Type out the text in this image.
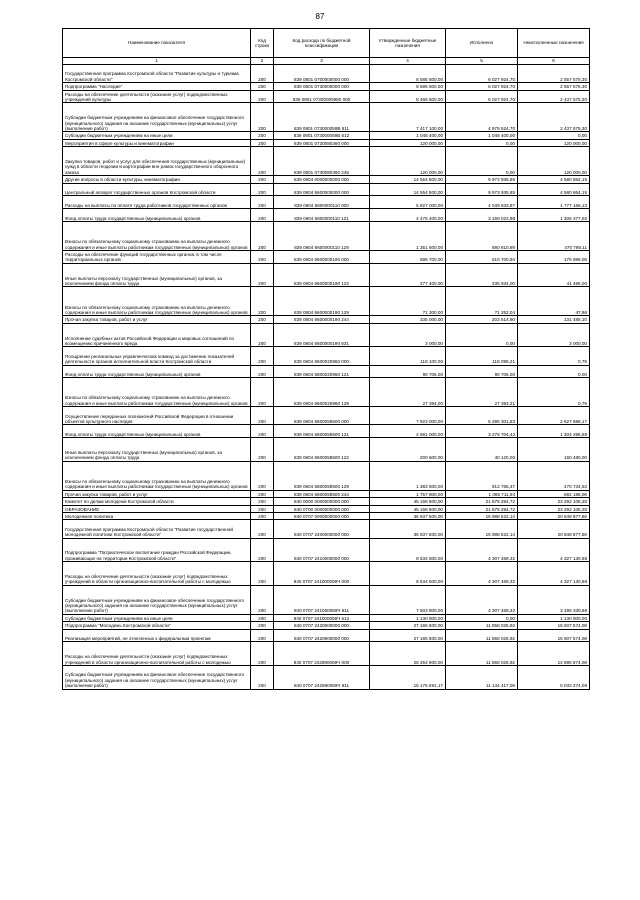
87
Наименование показателя	Код строки	Код расхода по бюджетной классификации	Утвержденные бюджетные назначения	Исполнено	Неисполненные назначения
1	2	3	4	5	6
Государственная программа Костромской области "Развитие культуры и туризма Костромской области"	200	839 0801 0700000000 000	8 585 500,00	6 027 924,70	2 557 575,30
Подпрограмма "Наследие"	200	839 0801 0730000000 000	8 585 500,00	6 027 924,70	2 557 575,30
Расходы на обеспечение деятельности (оказание услуг) подведомственных учреждений культуры	200	839 0801 07300005980 000	8 465 500,00	6 027 924,70	2 437 575,30
Субсидии бюджетным учреждениям на финансовое обеспечение государственного (муниципального) задания на оказание государственных (муниципальных) услуг (выполнение работ)	200	839 0801 073000059В 611	7 417 100,00	4 979 524,70	2 437 575,30
Субсидии бюджетным учреждениям на иные цели	200	839 0801 073000059В 612	1 048 400,00	1 048 400,00	0,00
Мероприятия в сфере культуры и кинематографии	200	839 0801 0730080360 000	120 000,00	0,00	120 000,00
Закупка товаров, работ и услуг для обеспечения государственных (муниципальных) нужд в области геодезии и картографии вне рамок государственного оборонного заказа	200	839 0801 0730080360 245	120 000,00	0,00	120 000,00
Другие вопросы в области культуры, кинематографии	200	839 0804 0000000000 000	14 554 800,00	9 973 935,85	4 580 864,15
Центральный аппарат государственных органов Костромской области	200	839 0804 6600000000 000	14 554 800,00	9 973 935,85	4 580 864,15
Расходы на выплаты по оплате труда работников государственных органов	200	839 0804 6600000110 000	5 827 000,00	4 049 833,87	1 777 166,13
Фонд оплаты труда государственных (муниципальных) органов	200	839 0804 6600000110 121	4 475 400,00	3 169 022,98	1 306 377,02
Взносы по обязательному социальному страхованию на выплаты денежного содержания и иные выплаты работникам государственных (муниципальных) органов	200	839 0804 6600000110 129	1 351 600,00	880 810,89	470 789,11
Расходы на обеспечение функций государственных органов, в том числе территориальных органов	200	839 0804 6600000190 000	686 700,00	510 700,94	175 999,06
Иные выплаты персоналу государственных (муниципальных) органов, за исключением фонда оплаты труда	200	839 0804 6600000190 122	277 400,00	235 934,00	41 466,00
Взносы по обязательному социальному страхованию на выплаты денежного содержания и иные выплаты работникам государственных (муниципальных) органов	200	839 0804 6600000190 129	71 300,00	71 252,04	47,96
Прочая закупка товаров, работ и услуг	200	839 0804 6600000190 244	335 000,00	203 514,90	131 485,10
Исполнение судебных актов Российской Федерации и мировых соглашений по возмещению причиненного вреда	200	839 0804 6600000190 831	3 000,00	0,00	3 000,00
Поощрение региональных управленческих команд за достижение показателей деятельности органов исполнительной власти Костромской области	200	839 0804 6600020960 000	118 100,00	118 099,21	0,79
Фонд оплаты труда государственных (муниципальных) органов	200	839 0804 6600020960 121	90 706,00	90 706,00	0,00
Взносы по обязательному социальному страхованию на выплаты денежного содержания и иные выплаты работникам государственных (муниципальных) органов	200	839 0804 6600020960 129	27 394,00	27 393,21	0,79
Осуществление переданных полномочий Российской Федерации в отношении объектов культурного наследия	200	839 0804 6600059500 000	7 923 000,00	5 295 301,83	2 627 698,17
Фонд оплаты труда государственных (муниципальных) органов	200	839 0804 6600059500 121	4 581 000,00	3 276 704,42	1 304 295,58
Иные выплаты персоналу государственных (муниципальных) органов, за исключением фонда оплаты труда	200	839 0804 6600059500 122	200 600,00	40 120,00	160 480,00
Взносы по обязательному социальному страхованию на выплаты денежного содержания и иные выплаты работникам государственных (муниципальных) органов	200	839 0804 6600059500 129	1 383 500,00	912 765,47	470 734,53
Прочая закупка товаров, работ и услуг	200	839 0804 6600059500 244	1 757 900,00	1 065 711,94	692 188,06
Комитет по делам молодежи Костромской области	200	840 0000 0000000000 000	45 168 500,00	21 876 394,72	23 292 105,28
ОБРАЗОВАНИЕ	200	840 0700 0000000000 000	45 168 500,00	21 876 394,72	23 292 105,28
Молодежная политика	200	840 0707 0000000000 000	36 837 500,00	15 988 522,14	20 848 977,86
Государственная программа Костромской области "Развитие государственной молодежной политики Костромской области"	200	840 0707 2400000000 000	36 837 500,00	15 988 522,14	20 848 977,86
Подпрограмма "Патриотическое воспитание граждан Российской Федерации, проживающих на территории Костромской области"	200	840 0707 2410000000 000	8 634 600,00	4 307 469,32	4 327 130,68
Расходы на обеспечение деятельности (оказание услуг) подведомственных учреждений в области организационно-воспитательной работы с молодежью	200	840 0707 241000059Ч 000	8 634 600,00	4 307 469,32	4 327 130,68
Субсидии бюджетным учреждениям на финансовое обеспечение государственного (муниципального) задания на оказание государственных (муниципальных) услуг (выполнение работ)	200	840 0707 241000059Ч 611	7 503 800,00	4 307 469,32	3 196 330,68
Субсидии бюджетным учреждениям на иные цели	200	840 0707 241000059Ч 612	1 130 800,00	0,00	1 130 800,00
Подпрограмма "Молодежь Костромской области"	200	840 0707 2420000000 000	27 165 600,00	11 558 025,92	15 607 574,08
Реализация мероприятий, не отнесенных к федеральным проектам	200	840 0707 2429900000 000	27 165 600,00	11 558 025,92	15 607 574,08
Расходы на обеспечение деятельности (оказание услуг) подведомственных учреждений в области организационно-воспитательной работы с молодежью	200	840 0707 242990059Ч 000	26 254 900,00	11 558 025,92	14 696 874,08
Субсидии бюджетным учреждениям на финансовое обеспечение государственного (муниципального) задания на оказание государственных (муниципальных) услуг (выполнение работ)	200	840 0707 242990059Ч 611	16 176 691,17	11 144 417,09	5 032 274,08
